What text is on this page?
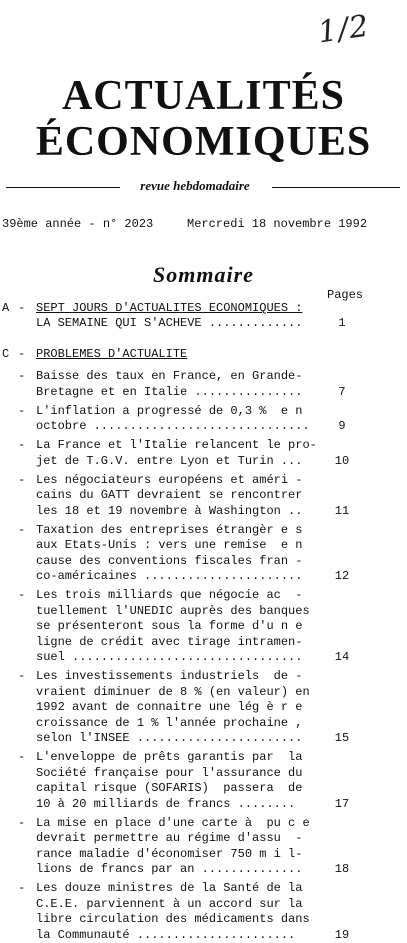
1/2
ACTUALITÉS
ÉCONOMIQUES
revue hebdomadaire
39ème année - n° 2023	Mercredi 18 novembre 1992
Sommaire
Pages
A - SEPT JOURS D'ACTUALITES ECONOMIQUES :
LA SEMAINE QUI S'ACHEVE .............	1
C - PROBLEMES D'ACTUALITE
- Baisse des taux en France, en Grande-
Bretagne et en Italie ...............	7
- L'inflation a progressé de 0,3 %  e n
octobre ..............................	9
- La France et l'Italie relancent le pro-
jet de T.G.V. entre Lyon et Turin ...	10
- Les négociateurs européens et améri -
cains du GATT devraient se rencontrer
les 18 et 19 novembre à Washington ..	11
- Taxation des entreprises étrangèr e s
aux Etats-Unis : vers une remise  e n
cause des conventions fiscales fran -
co-américaines ......................	12
- Les trois milliards que négocie ac  -
tuellement l'UNEDIC auprès des banques
se présenteront sous la forme d'u n e
ligne de crédit avec tirage intramen-
suel ................................	14
- Les investissements industriels  de -
vraient diminuer de 8 % (en valeur) en
1992 avant de connaitre une lég è r e
croissance de 1 % l'année prochaine ,
selon l'INSEE .......................	15
- L'enveloppe de prêts garantis par  la
Société française pour l'assurance du
capital risque (SOFARIS)  passera  de
10 à 20 milliards de francs ........	17
- La mise en place d'une carte à  pu c e
devrait permettre au régime d'assu  -
rance maladie d'économiser 750 m i l-
lions de francs par an ..............	18
- Les douze ministres de la Santé de la
C.E.E. parviennent à un accord sur la
libre circulation des médicaments dans
la Communauté ......................	19
